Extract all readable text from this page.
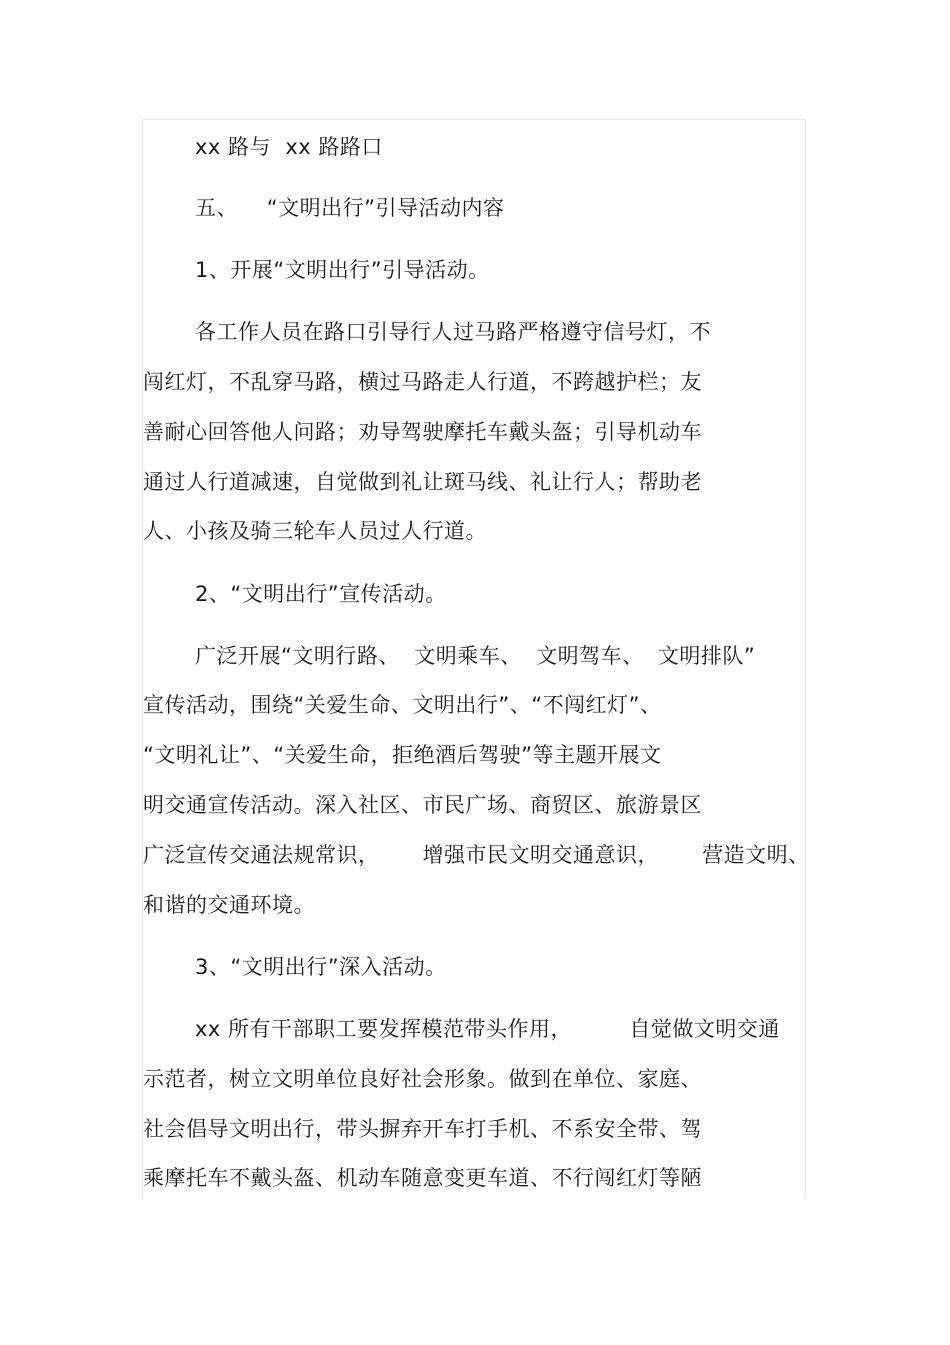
xx 路与  xx 路路口
五、    “文明出行”引导活动内容
1、开展“文明出行”引导活动。
各工作人员在路口引导行人过马路严格遵守信号灯，不
闯红灯，不乱穿马路，横过马路走人行道，不跨越护栏；友
善耐心回答他人问路；劝导驾驶摩托车戴头盔；引导机动车
通过人行道减速，自觉做到礼让斑马线、礼让行人；帮助老
人、小孩及骑三轮车人员过人行道。
2、“文明出行”宣传活动。
广泛开展“文明行路、  文明乘车、  文明驾车、  文明排队”
宣传活动，围绕“关爱生命、文明出行”、“不闯红灯”、
“文明礼让”、“关爱生命，拒绝酒后驾驶”等主题开展文
明交通宣传活动。深入社区、市民广场、商贸区、旅游景区
广泛宣传交通法规常识，      增强市民文明交通意识，      营造文明、
和谐的交通环境。
3、“文明出行”深入活动。
xx 所有干部职工要发挥模范带头作用，        自觉做文明交通
示范者，树立文明单位良好社会形象。做到在单位、家庭、
社会倡导文明出行，带头摒弃开车打手机、不系安全带、驾
乘摩托车不戴头盔、机动车随意变更车道、不行闯红灯等陋
